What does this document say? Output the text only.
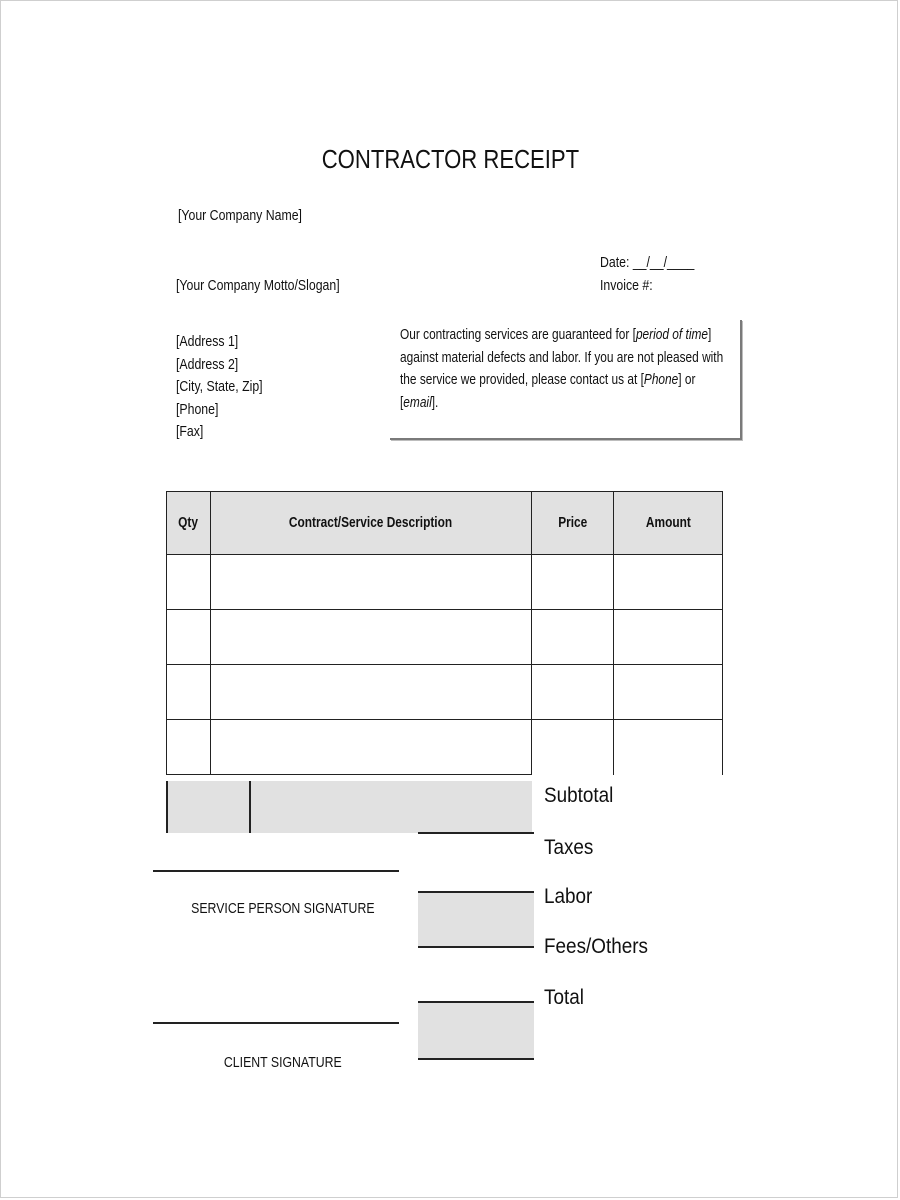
CONTRACTOR RECEIPT
[Your Company Name]
[Your Company Motto/Slogan]
Date: __/__/____
Invoice #:
[Address 1]
[Address 2]
[City, State, Zip]
[Phone]
[Fax]
Our contracting services are guaranteed for [period of time] against material defects and labor. If you are not pleased with the service we provided, please contact us at [Phone] or [email].
Qty	Contract/Service Description	Price	Amount

Subtotal
Taxes
Labor
Fees/Others
Total
SERVICE PERSON SIGNATURE
CLIENT SIGNATURE
